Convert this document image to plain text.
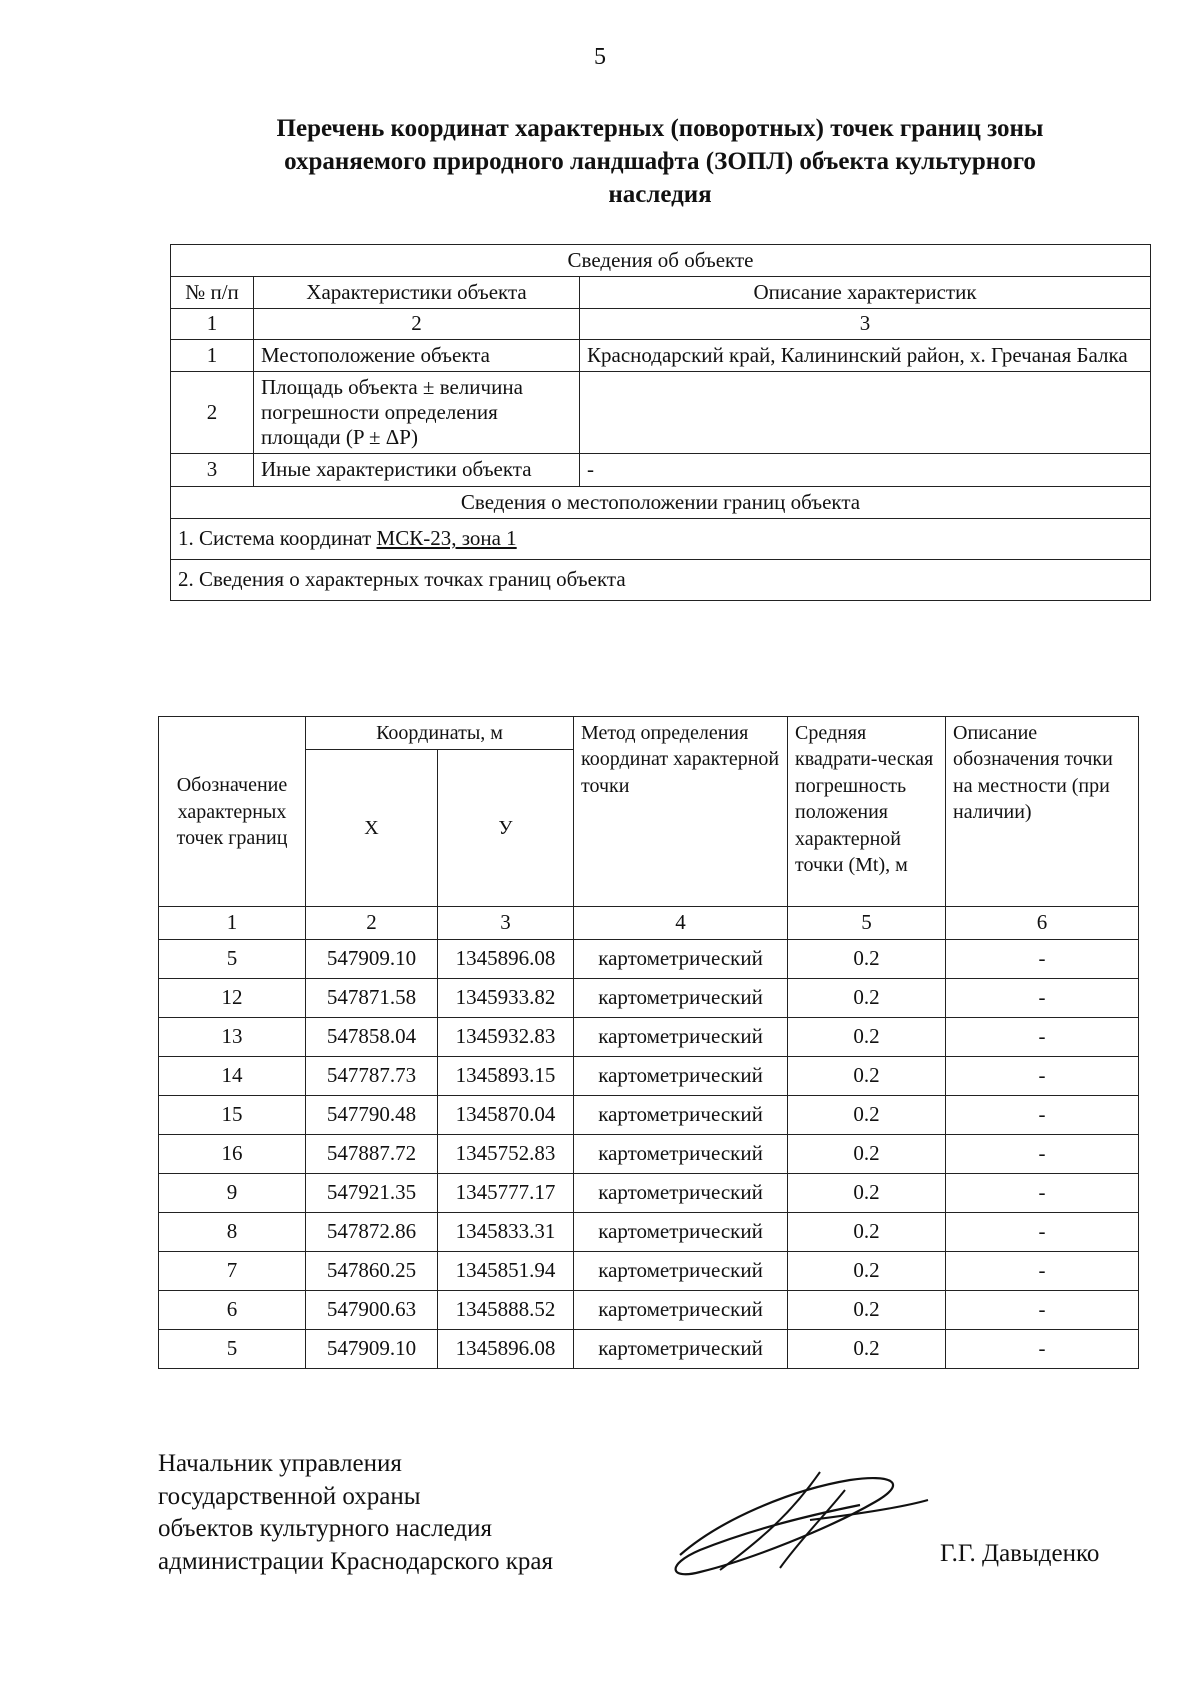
5
Перечень координат характерных (поворотных) точек границ зоны
охраняемого природного ландшафта (ЗОПЛ) объекта культурного
наследия
Сведения об объекте		
№ п/п	Характеристики объекта	Описание характеристик
1	2	3
1	Местоположение объекта	Краснодарский край, Калининский район, х. Гречаная Балка
2	Площадь объекта ± величина погрешности определения площади (P ± ΔP)	
3	Иные характеристики объекта	-
Сведения о местоположении границ объекта		
1. Система координат МСК-23, зона 1		
2. Сведения о характерных точках границ объекта		
Обозначение характерных точек границ	Координаты, м		Метод определения координат характерной точки	Средняя квадрати-ческая погрешность положения характерной точки (Mt), м	Описание обозначения точки на местности (при наличии)
	X	У			
1	2	3	4	5	6
5	547909.10	1345896.08	картометрический	0.2	-
12	547871.58	1345933.82	картометрический	0.2	-
13	547858.04	1345932.83	картометрический	0.2	-
14	547787.73	1345893.15	картометрический	0.2	-
15	547790.48	1345870.04	картометрический	0.2	-
16	547887.72	1345752.83	картометрический	0.2	-
9	547921.35	1345777.17	картометрический	0.2	-
8	547872.86	1345833.31	картометрический	0.2	-
7	547860.25	1345851.94	картометрический	0.2	-
6	547900.63	1345888.52	картометрический	0.2	-
5	547909.10	1345896.08	картометрический	0.2	-
Начальник управления
государственной охраны
объектов культурного наследия
администрации Краснодарского края	Г.Г. Давыденко
